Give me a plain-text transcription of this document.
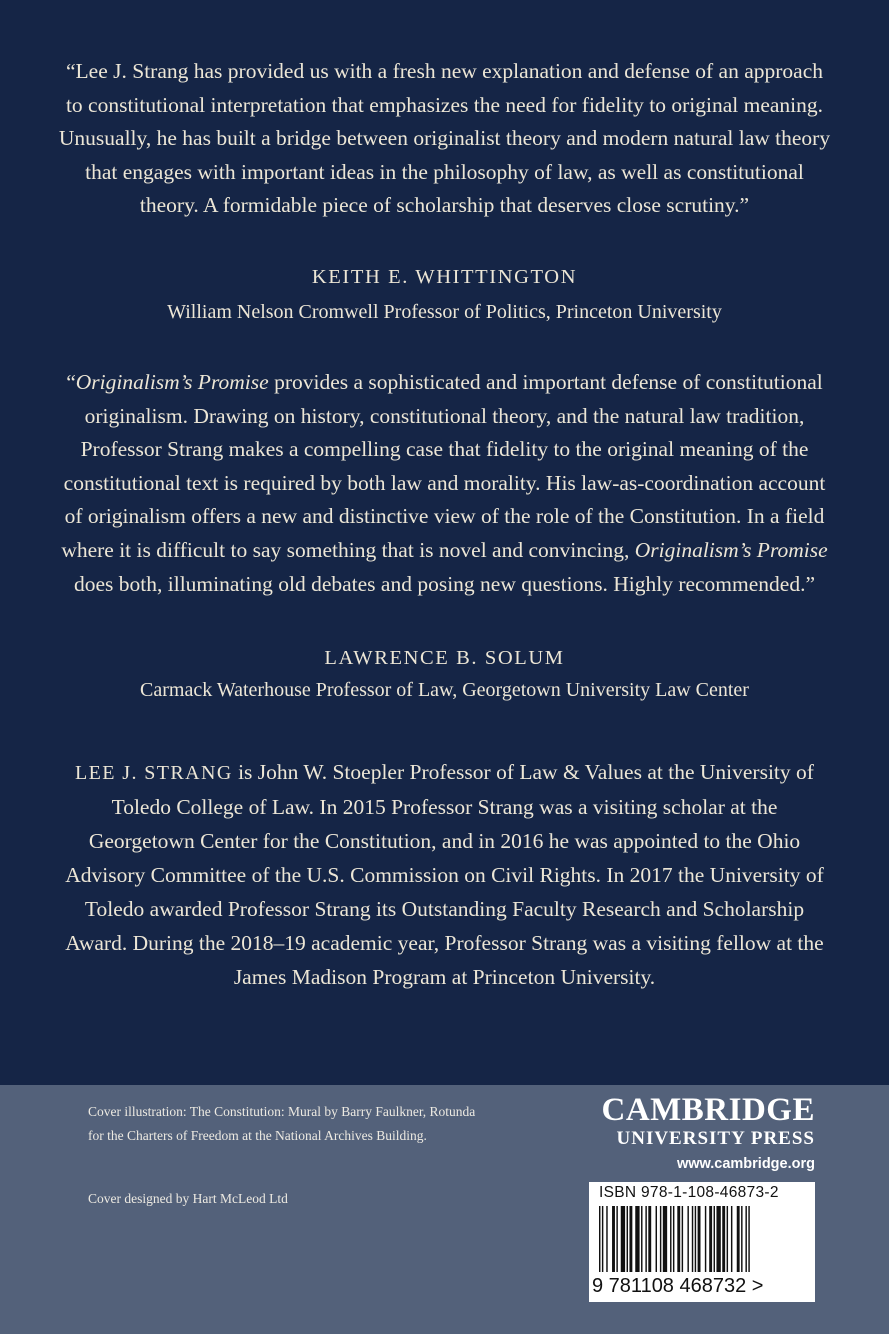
“Lee J. Strang has provided us with a fresh new explanation and defense of an approach to constitutional interpretation that emphasizes the need for fidelity to original meaning. Unusually, he has built a bridge between originalist theory and modern natural law theory that engages with important ideas in the philosophy of law, as well as constitutional theory. A formidable piece of scholarship that deserves close scrutiny.”

KEITH E. WHITTINGTON

William Nelson Cromwell Professor of Politics, Princeton University

“Originalism’s Promise provides a sophisticated and important defense of constitutional originalism. Drawing on history, constitutional theory, and the natural law tradition, Professor Strang makes a compelling case that fidelity to the original meaning of the constitutional text is required by both law and morality. His law-as-coordination account of originalism offers a new and distinctive view of the role of the Constitution. In a field where it is difficult to say something that is novel and convincing, Originalism’s Promise does both, illuminating old debates and posing new questions. Highly recommended.”

LAWRENCE B. SOLUM

Carmack Waterhouse Professor of Law, Georgetown University Law Center

LEE J. STRANG is John W. Stoepler Professor of Law & Values at the University of Toledo College of Law. In 2015 Professor Strang was a visiting scholar at the Georgetown Center for the Constitution, and in 2016 he was appointed to the Ohio Advisory Committee of the U.S. Commission on Civil Rights. In 2017 the University of Toledo awarded Professor Strang its Outstanding Faculty Research and Scholarship Award. During the 2018–19 academic year, Professor Strang was a visiting fellow at the James Madison Program at Princeton University.

Cover illustration: The Constitution: Mural by Barry Faulkner, Rotunda for the Charters of Freedom at the National Archives Building.
Cover designed by Hart McLeod Ltd
CAMBRIDGE
UNIVERSITY PRESS
www.cambridge.org
ISBN 978-1-108-46873-2
9 781108 468732 >
